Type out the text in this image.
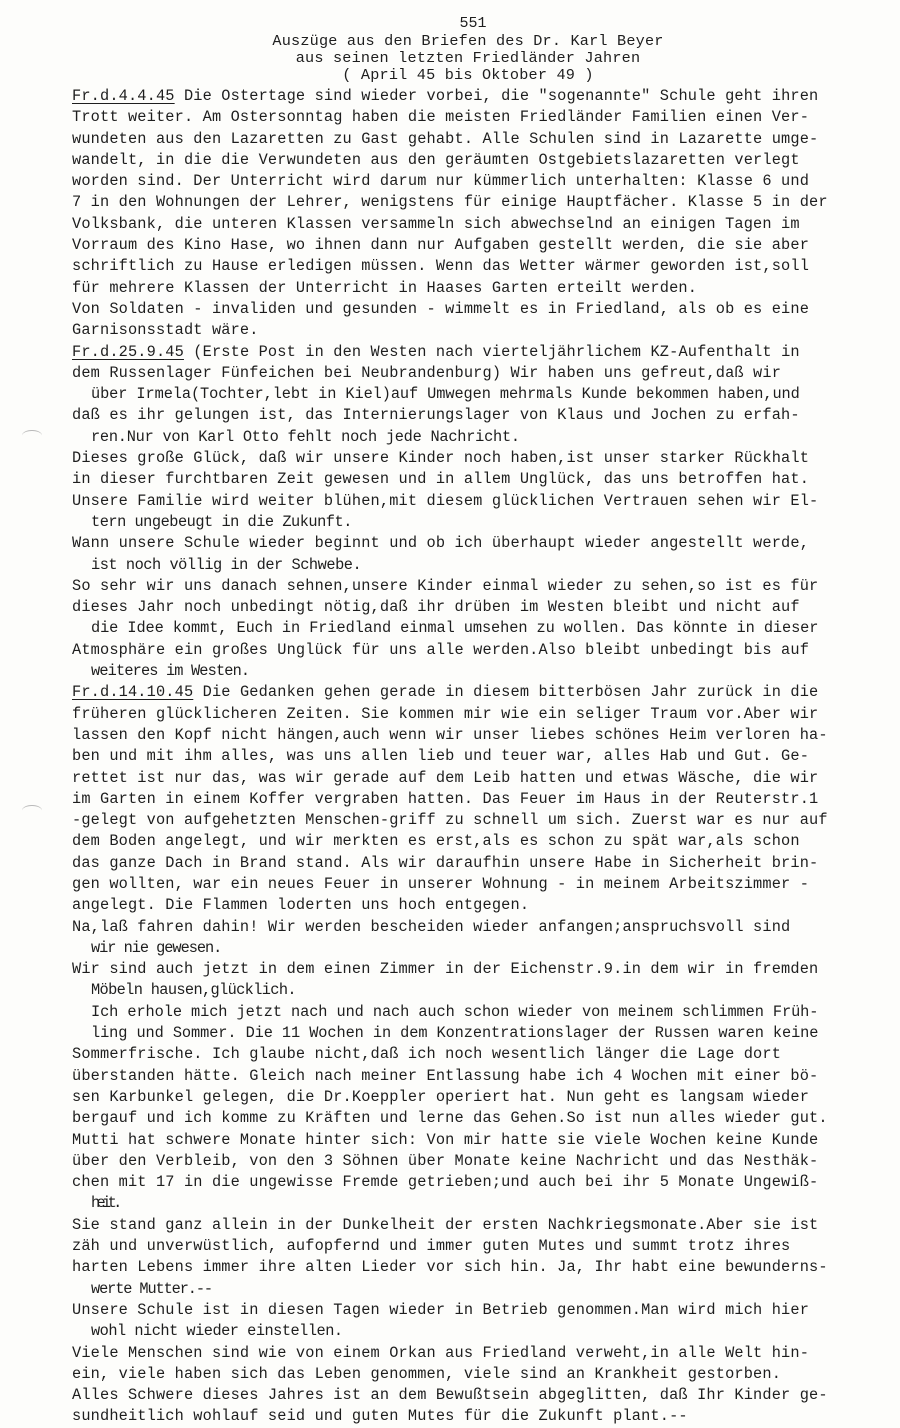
551
Auszüge aus den Briefen des Dr. Karl Beyer
aus seinen letzten Friedländer Jahren
( April 45 bis Oktober 49 )
Fr.d.4.4.45 Die Ostertage sind wieder vorbei, die "sogenannte" Schule geht ihren
Trott weiter. Am Ostersonntag haben die meisten Friedländer Familien einen Ver-
wundeten aus den Lazaretten zu Gast gehabt. Alle Schulen sind in Lazarette umge-
wandelt, in die die Verwundeten aus den geräumten Ostgebietslazaretten verlegt
worden sind. Der Unterricht wird darum nur kümmerlich unterhalten: Klasse 6 und
7 in den Wohnungen der Lehrer, wenigstens für einige Hauptfächer. Klasse 5 in der
Volksbank, die unteren Klassen versammeln sich abwechselnd an einigen Tagen im
Vorraum des Kino Hase, wo ihnen dann nur Aufgaben gestellt werden, die sie aber
schriftlich zu Hause erledigen müssen. Wenn das Wetter wärmer geworden ist,soll
für mehrere Klassen der Unterricht in Haases Garten erteilt werden.
Von Soldaten - invaliden und gesunden - wimmelt es in Friedland, als ob es eine
Garnisonsstadt wäre.
Fr.d.25.9.45 (Erste Post in den Westen nach vierteljährlichem KZ-Aufenthalt in
dem Russenlager Fünfeichen bei Neubrandenburg) Wir haben uns gefreut,daß wir
über Irmela(Tochter,lebt in Kiel)auf Umwegen mehrmals Kunde bekommen haben,und
daß es ihr gelungen ist, das Internierungslager von Klaus und Jochen zu erfah-
ren.Nur von Karl Otto fehlt noch jede Nachricht.
Dieses große Glück, daß wir unsere Kinder noch haben,ist unser starker Rückhalt
in dieser furchtbaren Zeit gewesen und in allem Unglück, das uns betroffen hat.
Unsere Familie wird weiter blühen,mit diesem glücklichen Vertrauen sehen wir El-
tern ungebeugt in die Zukunft.
Wann unsere Schule wieder beginnt und ob ich überhaupt wieder angestellt werde,
ist noch völlig in der Schwebe.
So sehr wir uns danach sehnen,unsere Kinder einmal wieder zu sehen,so ist es für
dieses Jahr noch unbedingt nötig,daß ihr drüben im Westen bleibt und nicht auf
die Idee kommt, Euch in Friedland einmal umsehen zu wollen. Das könnte in dieser
Atmosphäre ein großes Unglück für uns alle werden.Also bleibt unbedingt bis auf
weiteres im Westen.
Fr.d.14.10.45 Die Gedanken gehen gerade in diesem bitterbösen Jahr zurück in die
früheren glücklicheren Zeiten. Sie kommen mir wie ein seliger Traum vor.Aber wir
lassen den Kopf nicht hängen,auch wenn wir unser liebes schönes Heim verloren ha-
ben und mit ihm alles, was uns allen lieb und teuer war, alles Hab und Gut. Ge-
rettet ist nur das, was wir gerade auf dem Leib hatten und etwas Wäsche, die wir
im Garten in einem Koffer vergraben hatten. Das Feuer im Haus in der Reuterstr.1
-gelegt von aufgehetzten Menschen-griff zu schnell um sich. Zuerst war es nur auf
dem Boden angelegt, und wir merkten es erst,als es schon zu spät war,als schon
das ganze Dach in Brand stand. Als wir daraufhin unsere Habe in Sicherheit brin-
gen wollten, war ein neues Feuer in unserer Wohnung - in meinem Arbeitszimmer -
angelegt. Die Flammen loderten uns hoch entgegen.
Na,laß fahren dahin! Wir werden bescheiden wieder anfangen;anspruchsvoll sind
wir nie gewesen.
Wir sind auch jetzt in dem einen Zimmer in der Eichenstr.9.in dem wir in fremden
Möbeln hausen,glücklich.
Ich erhole mich jetzt nach und nach auch schon wieder von meinem schlimmen Früh-
ling und Sommer. Die 11 Wochen in dem Konzentrationslager der Russen waren keine
Sommerfrische. Ich glaube nicht,daß ich noch wesentlich länger die Lage dort
überstanden hätte. Gleich nach meiner Entlassung habe ich 4 Wochen mit einer bö-
sen Karbunkel gelegen, die Dr.Koeppler operiert hat. Nun geht es langsam wieder
bergauf und ich komme zu Kräften und lerne das Gehen.So ist nun alles wieder gut.
Mutti hat schwere Monate hinter sich: Von mir hatte sie viele Wochen keine Kunde
über den Verbleib, von den 3 Söhnen über Monate keine Nachricht und das Nesthäk-
chen mit 17 in die ungewisse Fremde getrieben;und auch bei ihr 5 Monate Ungewiß-
heit.
Sie stand ganz allein in der Dunkelheit der ersten Nachkriegsmonate.Aber sie ist
zäh und unverwüstlich, aufopfernd und immer guten Mutes und summt trotz ihres
harten Lebens immer ihre alten Lieder vor sich hin. Ja, Ihr habt eine bewunderns-
werte Mutter.--
Unsere Schule ist in diesen Tagen wieder in Betrieb genommen.Man wird mich hier
wohl nicht wieder einstellen.
Viele Menschen sind wie von einem Orkan aus Friedland verweht,in alle Welt hin-
ein, viele haben sich das Leben genommen, viele sind an Krankheit gestorben.
Alles Schwere dieses Jahres ist an dem Bewußtsein abgeglitten, daß Ihr Kinder ge-
sundheitlich wohlauf seid und guten Mutes für die Zukunft plant.--
